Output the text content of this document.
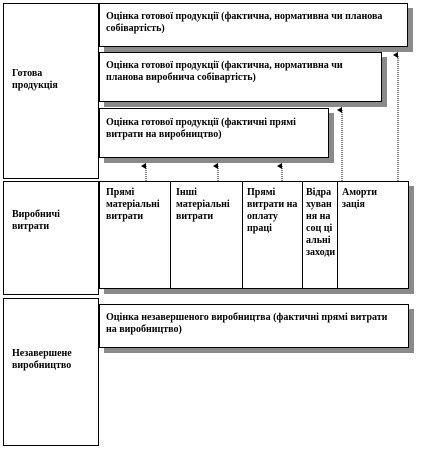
Готова продукція
Виробничі витрати
Незавершене виробництво
Оцінка готової продукції (фактична, нормативна чи планова собівартість)
Оцінка готової продукції (фактична, нормативна чи планова виробнича собівартість)
Оцінка готової продукції (фактичні прямі витрати на виробництво)
Прямі матеріальні витрати
Інші матеріальні витрати
Прямі витрати на оплату праці
Відрахування на соц ціальні заходи
Аморти зація
Оцінка незавершеного виробництва (фактичні прямі витрати на виробництво)
